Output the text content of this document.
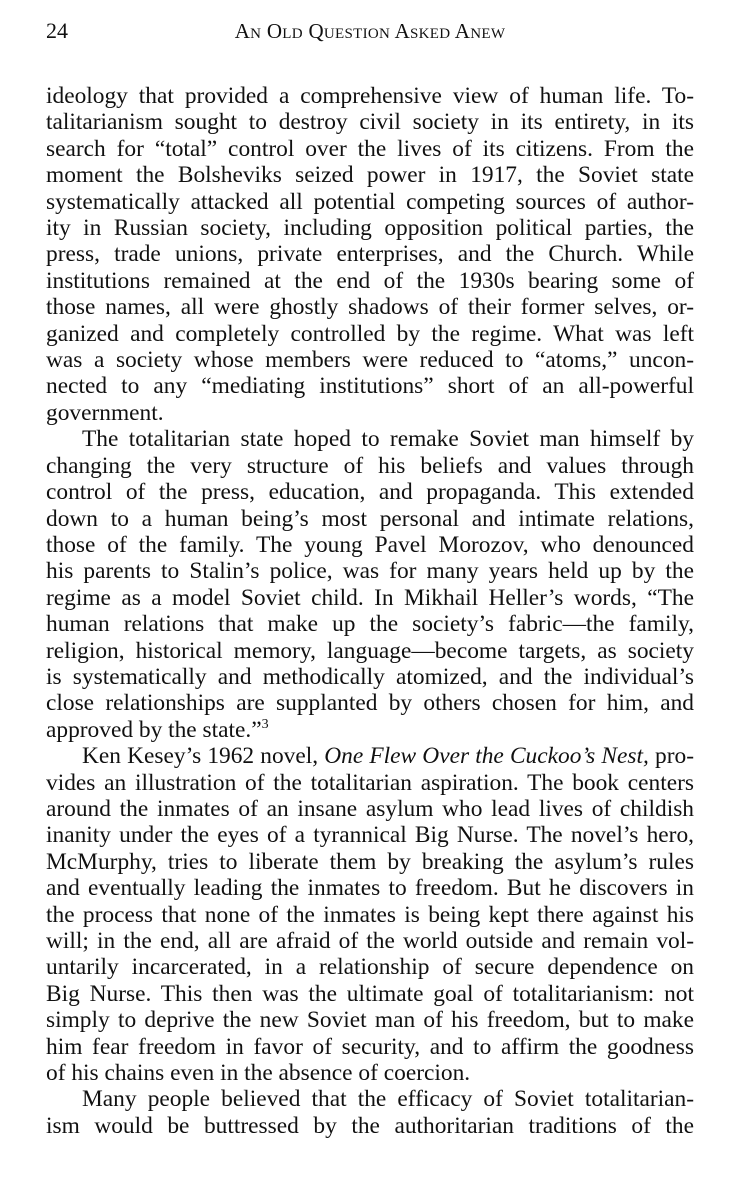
24	An Old Question Asked Anew

ideology that provided a comprehensive view of human life. To-
talitarianism sought to destroy civil society in its entirety, in its
search for “total” control over the lives of its citizens. From the
moment the Bolsheviks seized power in 1917, the Soviet state
systematically attacked all potential competing sources of author-
ity in Russian society, including opposition political parties, the
press, trade unions, private enterprises, and the Church. While
institutions remained at the end of the 1930s bearing some of
those names, all were ghostly shadows of their former selves, or-
ganized and completely controlled by the regime. What was left
was a society whose members were reduced to “atoms,” uncon-
nected to any “mediating institutions” short of an all-powerful
government.

The totalitarian state hoped to remake Soviet man himself by
changing the very structure of his beliefs and values through
control of the press, education, and propaganda. This extended
down to a human being’s most personal and intimate relations,
those of the family. The young Pavel Morozov, who denounced
his parents to Stalin’s police, was for many years held up by the
regime as a model Soviet child. In Mikhail Heller’s words, “The
human relations that make up the society’s fabric—the family,
religion, historical memory, language—become targets, as society
is systematically and methodically atomized, and the individual’s
close relationships are supplanted by others chosen for him, and
approved by the state.”$^3$

Ken Kesey’s 1962 novel, One Flew Over the Cuckoo’s Nest, pro-
vides an illustration of the totalitarian aspiration. The book centers
around the inmates of an insane asylum who lead lives of childish
inanity under the eyes of a tyrannical Big Nurse. The novel’s hero,
McMurphy, tries to liberate them by breaking the asylum’s rules
and eventually leading the inmates to freedom. But he discovers in
the process that none of the inmates is being kept there against his
will; in the end, all are afraid of the world outside and remain vol-
untarily incarcerated, in a relationship of secure dependence on
Big Nurse. This then was the ultimate goal of totalitarianism: not
simply to deprive the new Soviet man of his freedom, but to make
him fear freedom in favor of security, and to affirm the goodness
of his chains even in the absence of coercion.

Many people believed that the efficacy of Soviet totalitarian-
ism would be buttressed by the authoritarian traditions of the
